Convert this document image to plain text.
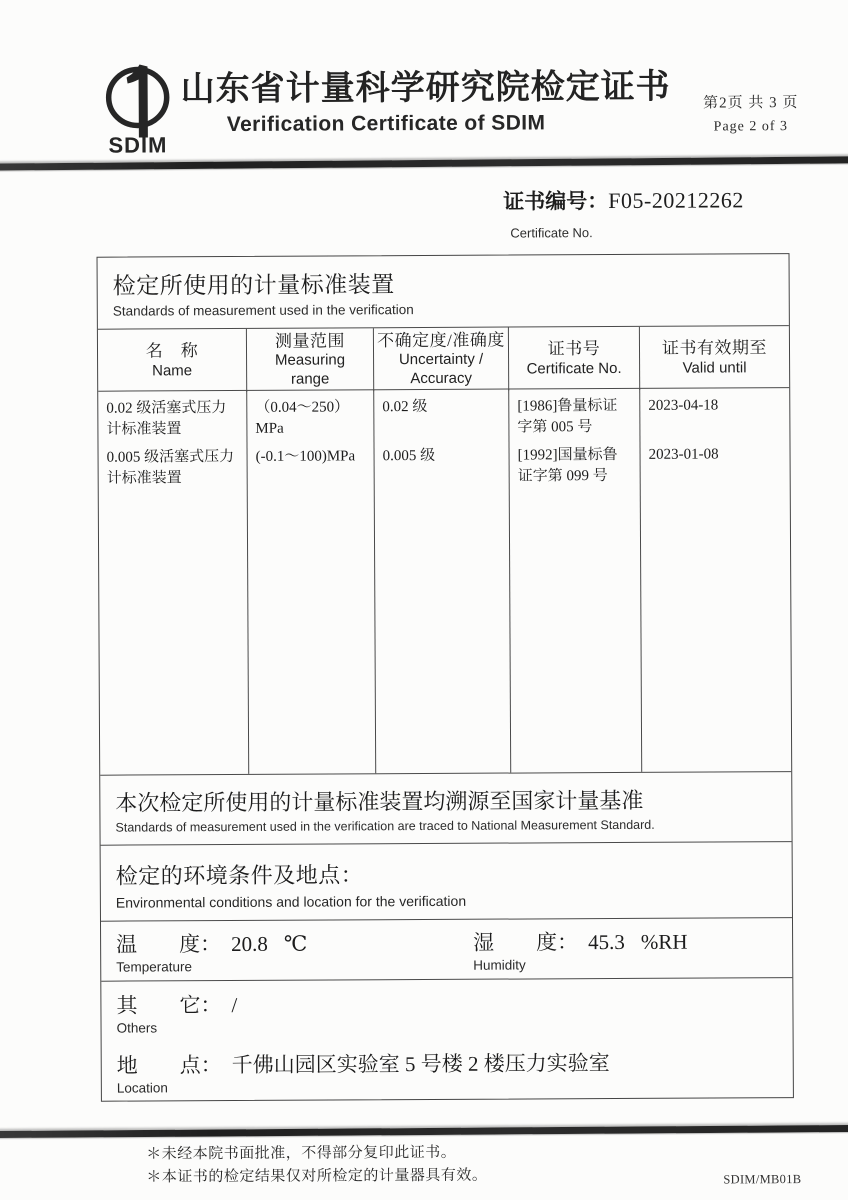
SDIM
山东省计量科学研究院检定证书
Verification Certificate of SDIM
第2页 共 3 页
Page 2 of 3
证书编号：F05-20212262
Certificate No.
检定所使用的计量标准装置
Standards of measurement used in the verification
名　称
Name
测量范围
Measuring
range
不确定度/准确度
Uncertainty /
Accuracy
证书号
Certificate No.
证书有效期至
Valid until
0.02 级活塞式压力计标准装置
0.005 级活塞式压力计标准装置
（0.04～250）MPa
(-0.1～100)MPa
0.02 级
0.005 级
[1986]鲁量标证字第 005 号
[1992]国量标鲁证字第 099 号
2023-04-18
2023-01-08
本次检定所使用的计量标准装置均溯源至国家计量基准
Standards of measurement used in the verification are traced to National Measurement Standard.
检定的环境条件及地点：
Environmental conditions and location for the verification
温　　度： 20.8 ℃
Temperature
湿　　度： 45.3 %RH
Humidity
其　　它： /
Others
地　　点： 千佛山园区实验室 5 号楼 2 楼压力实验室
Location
＊未经本院书面批准，不得部分复印此证书。
＊本证书的检定结果仅对所检定的计量器具有效。	SDIM/MB01B
